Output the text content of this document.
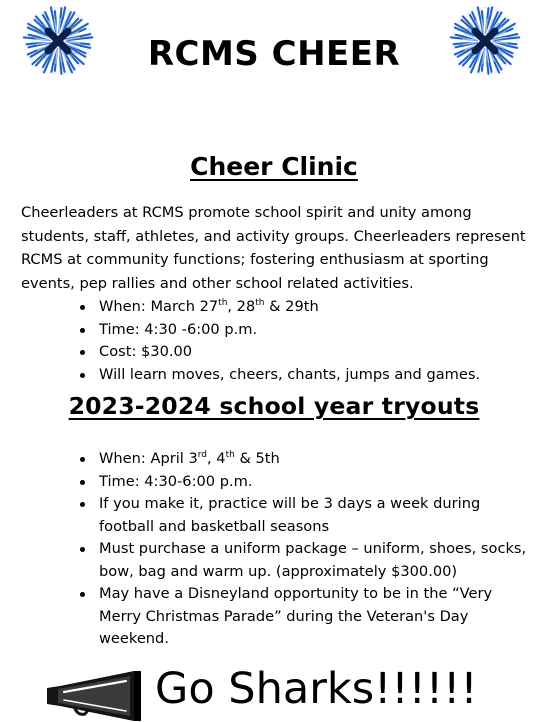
RCMS CHEER
Cheer Clinic

Cheerleaders at RCMS promote school spirit and unity among students, staff, athletes, and activity groups. Cheerleaders represent RCMS at community functions; fostering enthusiasm at sporting events, pep rallies and other school related activities.

When: March 27th, 28th & 29th
Time: 4:30 -6:00 p.m.
Cost: $30.00
Will learn moves, cheers, chants, jumps and games.
2023-2024 school year tryouts
When: April 3rd, 4th & 5th
Time: 4:30-6:00 p.m.
If you make it, practice will be 3 days a week during football and basketball seasons
Must purchase a uniform package – uniform, shoes, socks, bow, bag and warm up. (approximately $300.00)
May have a Disneyland opportunity to be in the “Very Merry Christmas Parade” during the Veteran's Day weekend.
Go Sharks!!!!!!
